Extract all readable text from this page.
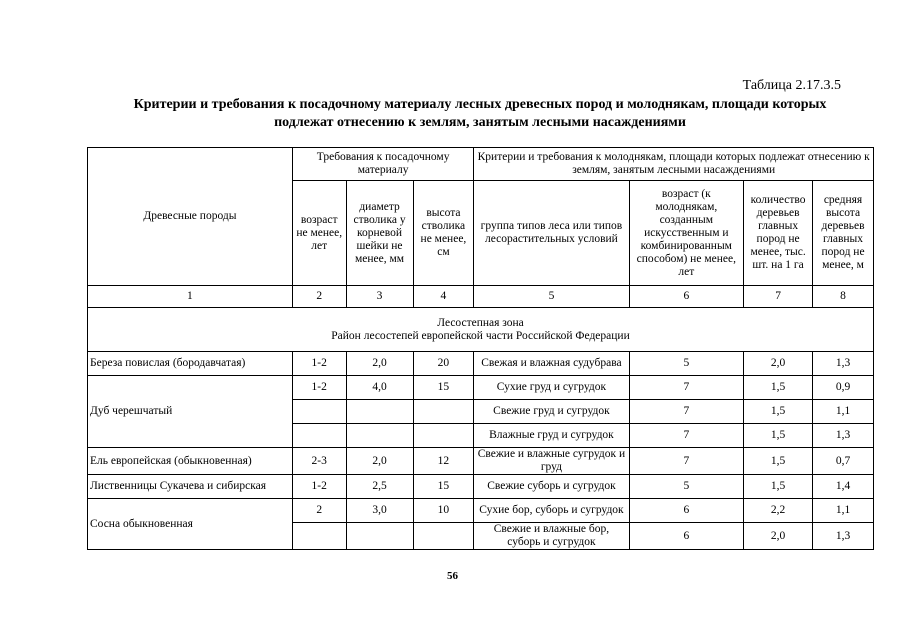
Таблица 2.17.3.5
Критерии и требования к посадочному материалу лесных древесных пород и молоднякам, площади которых
подлежат отнесению к землям, занятым лесными насаждениями
Древесные породы	Требования к посадочному материалу			Критерии и требования к молоднякам, площади которых подлежат отнесению к землям, занятым лесными насаждениями			
	возраст не менее, лет	диаметр стволика у корневой шейки не менее, мм	высота стволика не менее, см	группа типов леса или типов лесорастительных условий	возраст (к молоднякам, созданным искусственным и комбинированным способом) не менее, лет	количество деревьев главных пород не менее, тыс. шт. на 1 га	средняя высота деревьев главных пород не менее, м
1	2	3	4	5	6	7	8

Лесостепная зона
Район лесостепей европейской части Российской Федерации							

Береза повислая (бородавчатая)	1-2	2,0	20	Свежая и влажная судубрава	5	2,0	1,3
Дуб черешчатый	1-2	4,0	15	Сухие груд и сугрудок	7	1,5	0,9
				Свежие груд и сугрудок	7	1,5	1,1
				Влажные груд и сугрудок	7	1,5	1,3
Ель европейская (обыкновенная)	2-3	2,0	12	Свежие и влажные сугрудок и груд	7	1,5	0,7
Лиственницы Сукачева и сибирская	1-2	2,5	15	Свежие суборь и сугрудок	5	1,5	1,4
Сосна обыкновенная	2	3,0	10	Сухие бор, суборь и сугрудок	6	2,2	1,1
				Свежие и влажные бор, суборь и сугрудок	6	2,0	1,3
56
